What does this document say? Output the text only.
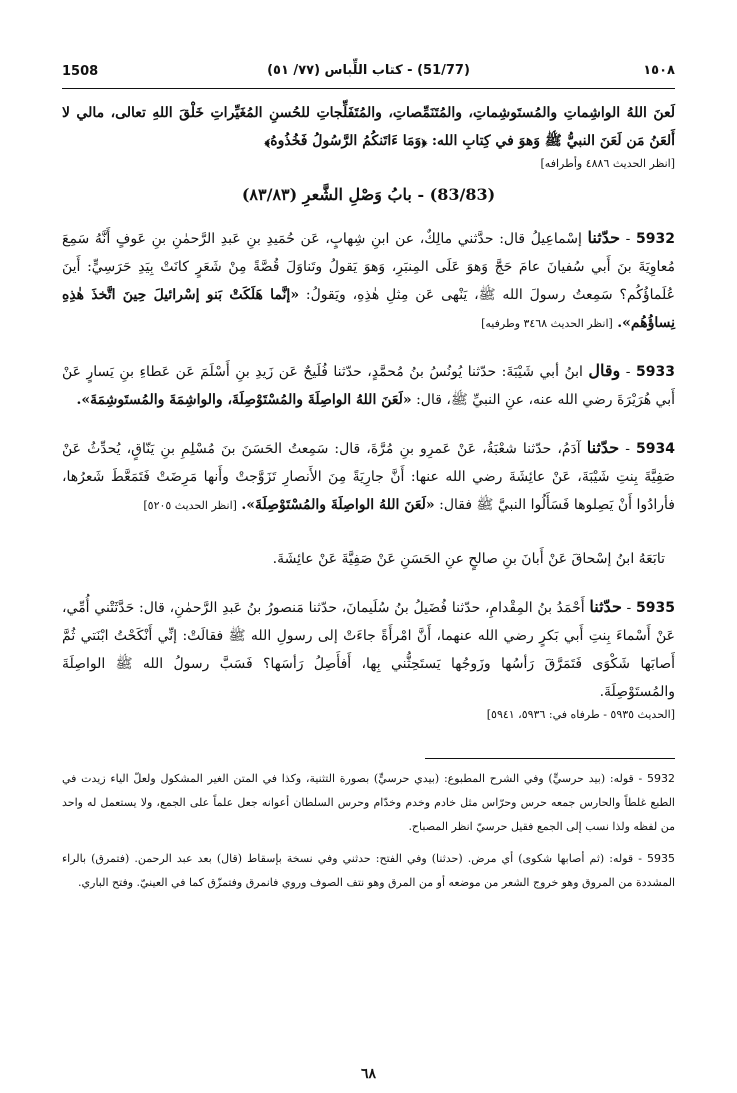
1508	(51/77) - كتاب اللِّباس (٧٧/ ٥١)	١٥٠٨
لَعنَ اللهُ الواشِماتِ والمُستَوشِماتِ، والمُتَنَمِّصاتِ، والمُتَفَلِّجاتِ للحُسنِ المُغَيِّراتِ خَلْقَ اللهِ تعالى، مالي لا أَلعَنُ مَن لَعَنَ النبيُّ ﷺ وَهوَ في كِتابِ الله: ﴿وَمَا ءَاتَنكُمُ الرَّسُولُ فَخُذُوهُ﴾
[انظر الحديث ٤٨٨٦ وأطرافه]
(83/83) - بابُ وَصْلِ الشَّعرِ (٨٣/٨٣)
5932 - حدّثنا إسْماعِيلُ قال: حدَّثني مالِكٌ، عن ابنِ شِهابٍ، عَن حُمَيدِ بنِ عَبدِ الرَّحمٰنِ بنِ عَوفٍ أَنَّهُ سَمِعَ مُعاوِيَةَ بنَ أَبي سُفيانَ عامَ حَجَّ وَهوَ عَلَى المِنبَرِ، وَهوَ يَقولُ وتَناوَلَ قُصَّةً مِنْ شَعَرٍ كانَتْ بِيَدِ حَرَسِيٍّ: أَينَ عُلَماؤُكُم؟ سَمِعتُ رسولَ الله ﷺ، يَنْهى عَن مِثلِ هٰذِهِ، ويَقولُ: «إنَّما هَلَكَتْ بَنو إسْرائيلَ حِينَ اتَّخذَ هٰذِهِ نِساؤُهُم». [انظر الحديث ٣٤٦٨ وطرفيه]
5933 - وقال ابنُ أبي شَيْبَةَ: حدّثنا يُونُسُ بنُ مُحمَّدٍ، حدّثنا فُلَيحٌ عَن زَيدِ بنِ أَسْلَمَ عَن عَطاءِ بنِ يَسارٍ عَنْ أَبي هُرَيْرَةَ رضي الله عنه، عنِ النبيِّ ﷺ، قال: «لَعَنَ اللهُ الواصِلَةَ والمُسْتَوْصِلَةَ، والواشِمَةَ والمُستَوشِمَةَ».
5934 - حدّثنا آدَمُ، حدّثنا شعْبَةُ، عَنْ عَمرِو بنِ مُرَّةَ، قال: سَمِعتُ الحَسَنَ بنَ مُسْلِمِ بنِ يَنّاقٍ، يُحدِّثُ عَنْ صَفِيَّةَ بِنتِ شَيْبَةَ، عَنْ عائِشَةَ رضي الله عنها: أَنَّ جارِيَةً مِنَ الأَنصارِ تَزَوَّجتْ وأَنها مَرِضَتْ فَتَمَعَّطَ شَعرُها، فأرادُوا أَنْ يَصِلوها فَسَأَلُوا النبيَّ ﷺ فقال: «لَعَنَ اللهُ الواصِلَةَ والمُسْتَوْصِلَةَ». [انظر الحديث ٥٢٠٥]
تابَعَهُ ابنُ إسْحاقَ عَنْ أَبانَ بنِ صالحٍ عنِ الحَسَنِ عَنْ صَفِيَّةَ عَنْ عائِشَةَ.
5935 - حدّثنا أَحْمَدُ بنُ المِقْدامِ، حدّثنا فُضَيلُ بنُ سُلَيمانَ، حدّثنا مَنصورُ بنُ عَبدِ الرَّحمٰنِ، قال: حَدَّثَتْني أُمِّي، عَنْ أَسْماءَ بِنتِ أَبي بَكرٍ رضي الله عنهما، أَنَّ امْرأَةً جاءَتْ إلى رسولِ الله ﷺ فقالَتْ: إنِّي أَنْكَحْتُ ابْنَتي ثُمَّ أَصابَها شَكْوَى فَتَمَرَّقَ رَأسُها وزَوجُها يَستَحِثُّني بِها، أَفأَصِلُ رَأسَها؟ فَسَبَّ رسولُ الله ﷺ الواصِلَةَ والمُستَوْصِلَةَ.
[الحديث ٥٩٣٥ - طرفاه في: ٥٩٣٦، ٥٩٤١]
5932 - قوله: (بيد حرسيٍّ) وفي الشرح المطبوع: (بيدي حرسيٍّ) بصورة التثنية، وكذا في المتن الغير المشكول ولعلّ الياء زيدت في الطبع غلطاً والحارس جمعه حرس وحرّاس مثل خادم وخدم وخدّام وحرس السلطان أعوانه جعل علماً على الجمع، ولا يستعمل له واحد من لفظه ولذا نسب إلى الجمع فقيل حرسيّ انظر المصباح.
5935 - قوله: (ثم أصابها شكوى) أي مرض. (حدثنا) وفي الفتح: حدثني وفي نسخة بإسقاط (قال) بعد عبد الرحمن. (فتمرق) بالراء المشددة من المروق وهو خروج الشعر من موضعه أو من المرق وهو نتف الصوف وروي فانمرق وفتمزّق كما في العينيّ. وفتح الباري.
٦٨
